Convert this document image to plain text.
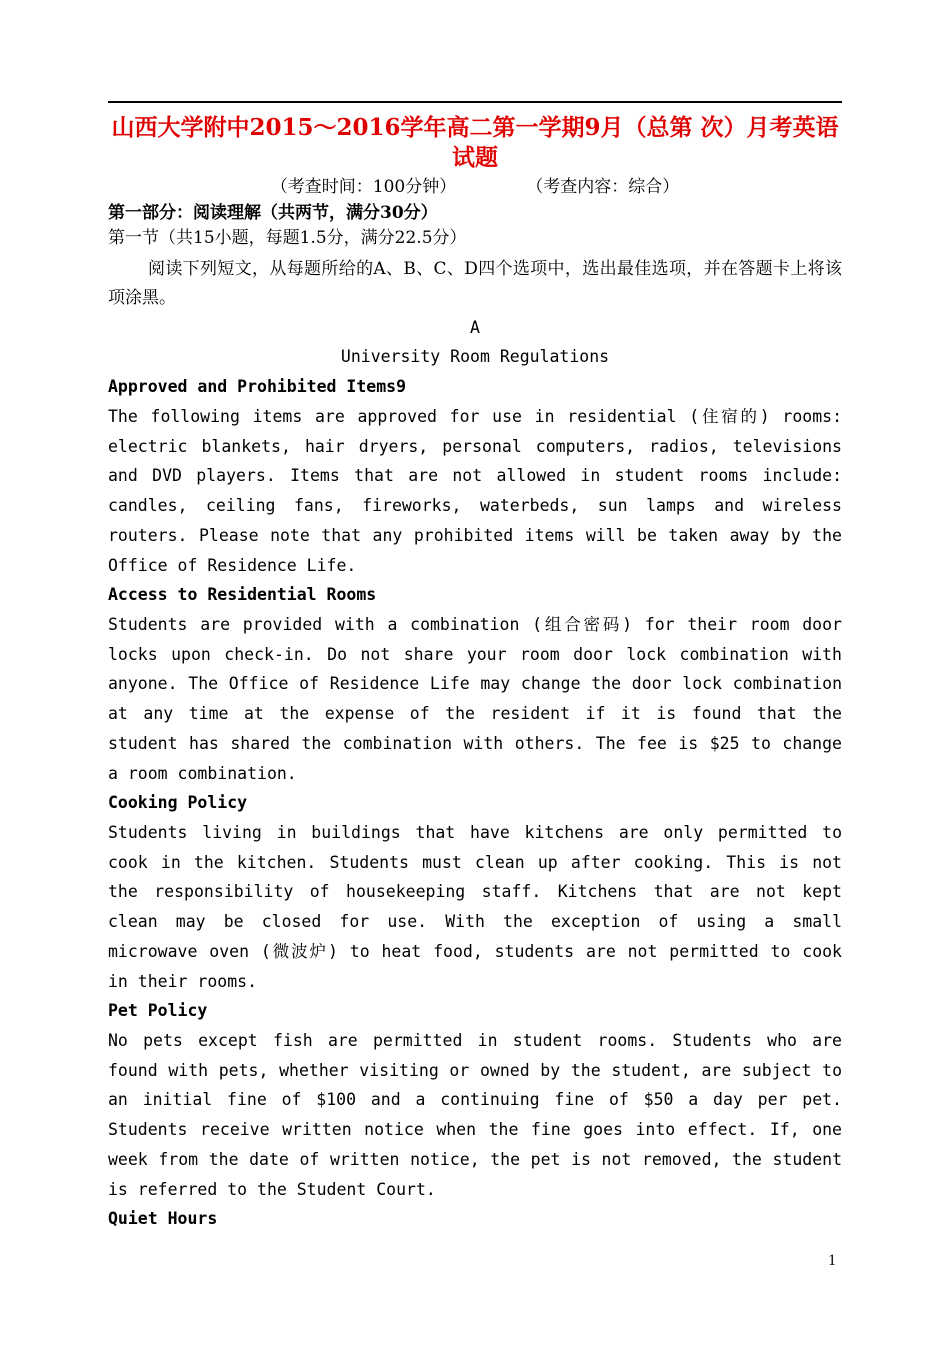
山西大学附中2015～2016学年高二第一学期9月（总第 次）月考英语试题
（考查时间：100分钟）	（考查内容：综合）
第一部分：阅读理解（共两节，满分30分）
第一节（共15小题，每题1.5分，满分22.5分）
阅读下列短文，从每题所给的A、B、C、D四个选项中，选出最佳选项，并在答题卡上将该项涂黑。
A
University Room Regulations
Approved and Prohibited Items9
The following items are approved for use in residential (住宿的) rooms: electric blankets, hair dryers, personal computers, radios, televisions and DVD players. Items that are not allowed in student rooms include: candles, ceiling fans, fireworks, waterbeds, sun lamps and wireless routers. Please note that any prohibited items will be taken away by the Office of Residence Life.
Access to Residential Rooms
Students are provided with a combination (组合密码) for their room door locks upon check-in. Do not share your room door lock combination with anyone. The Office of Residence Life may change the door lock combination at any time at the expense of the resident if it is found that the student has shared the combination with others. The fee is $25 to change a room combination.
Cooking Policy
Students living in buildings that have kitchens are only permitted to cook in the kitchen. Students must clean up after cooking. This is not the responsibility of housekeeping staff. Kitchens that are not kept clean may be closed for use. With the exception of using a small microwave oven (微波炉) to heat food, students are not permitted to cook in their rooms.
Pet Policy
No pets except fish are permitted in student rooms. Students who are found with pets, whether visiting or owned by the student, are subject to an initial fine of $100 and a continuing fine of $50 a day per pet. Students receive written notice when the fine goes into effect. If, one week from the date of written notice, the pet is not removed, the student is referred to the Student Court.
Quiet Hours
1
